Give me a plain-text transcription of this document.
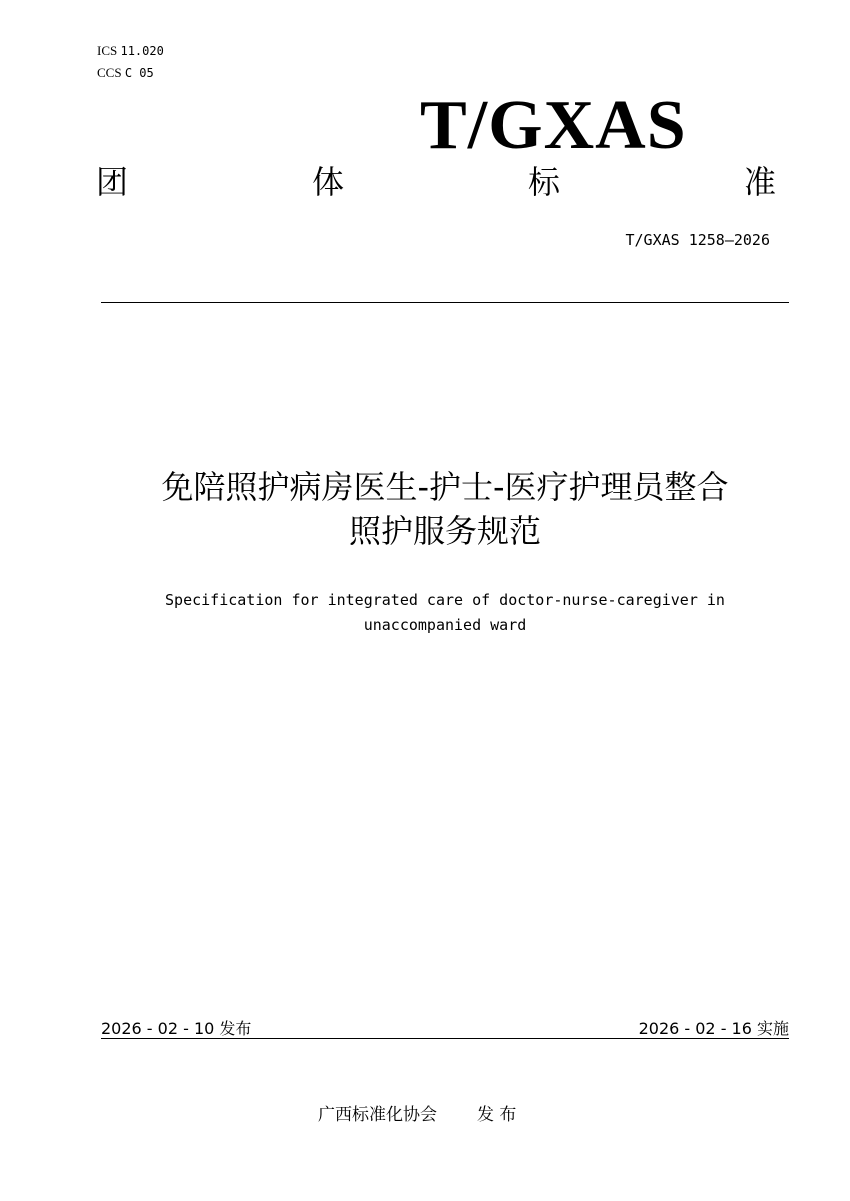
ICS 11.020
CCS C 05
T/GXAS
团	体	标	准
T/GXAS 1258—2026
免陪照护病房医生-护士-医疗护理员整合
照护服务规范
Specification for integrated care of doctor-nurse-caregiver in
unaccompanied ward
2026 - 02 - 10 发布	2026 - 02 - 16 实施
广西标准化协会 发 布
